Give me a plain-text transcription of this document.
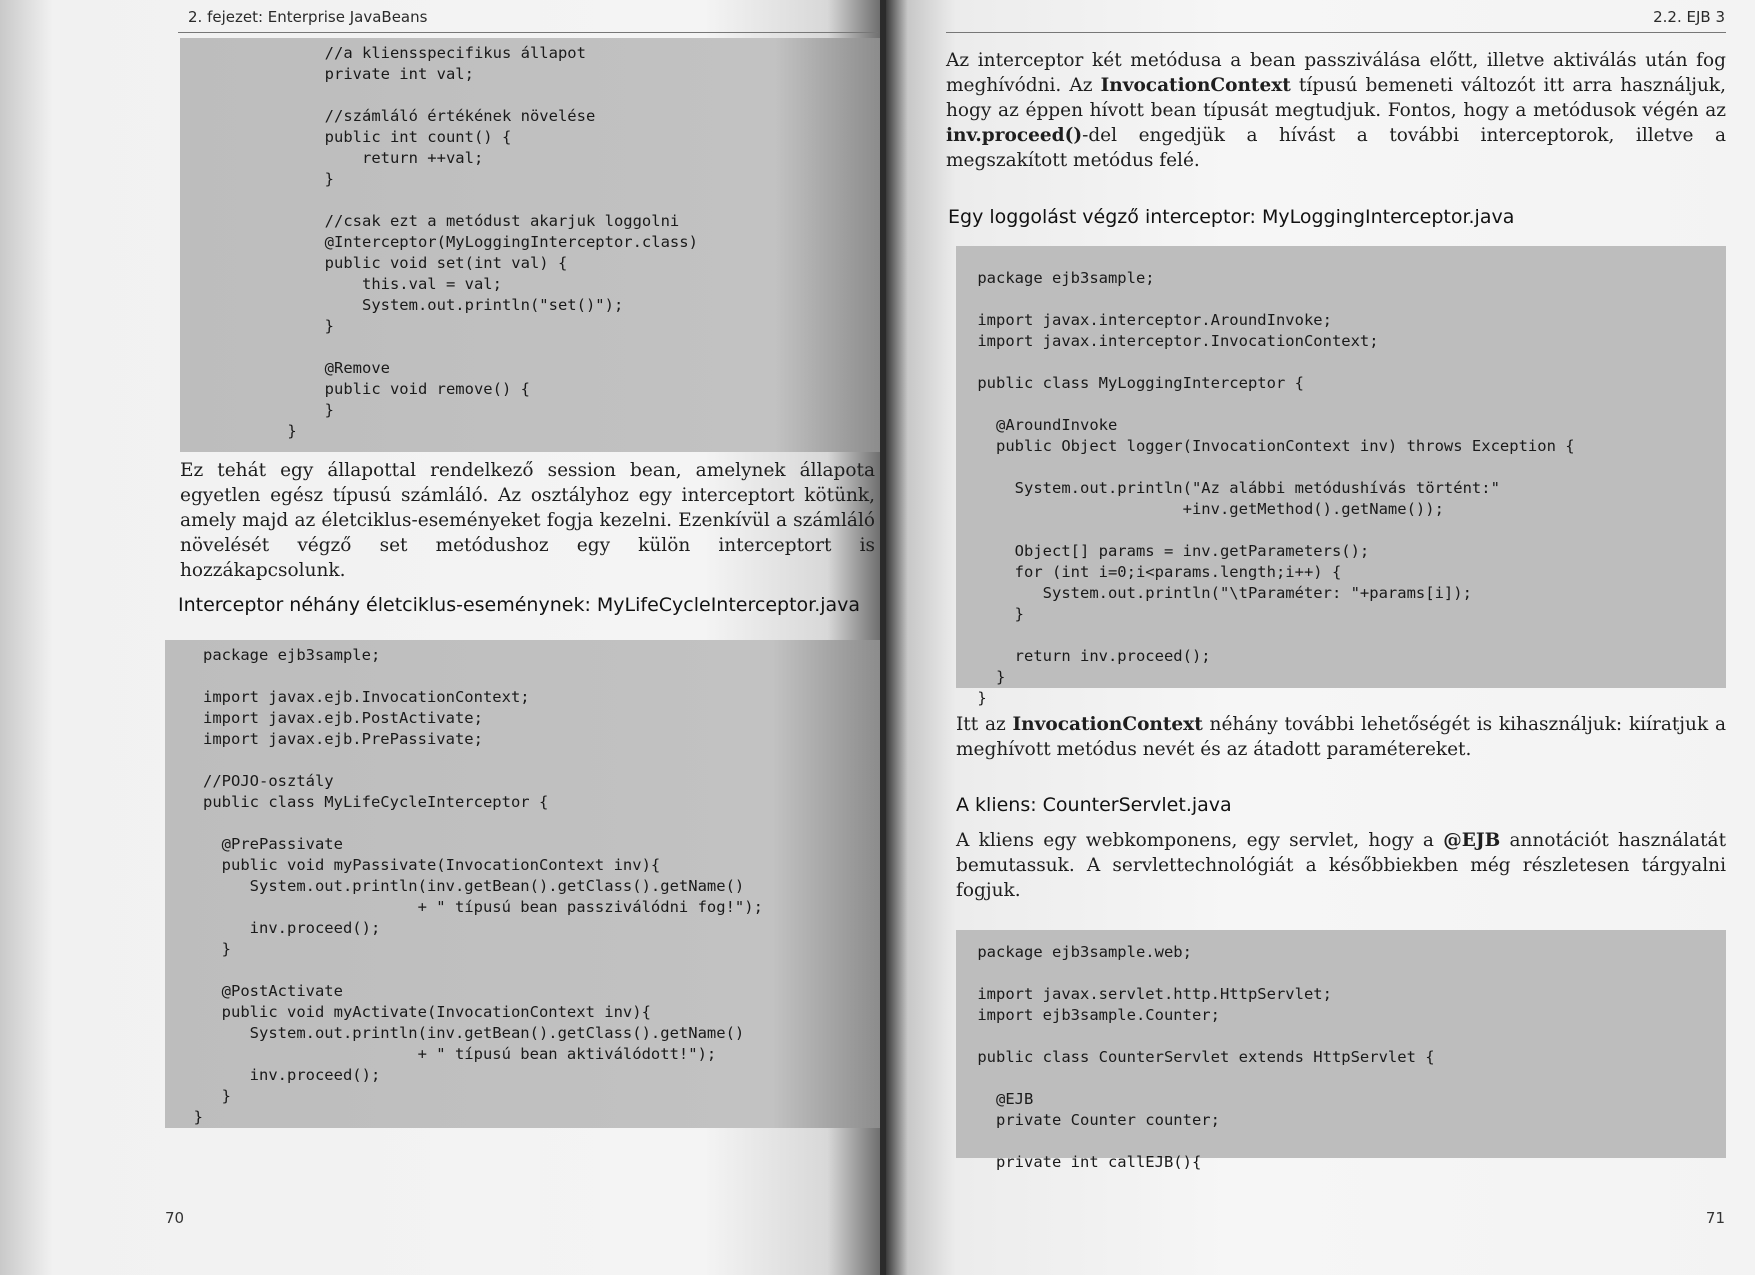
2. fejezet: Enterprise JavaBeans
//a kliensspecifikus állapot
private int val;
//számláló értékének növelése
public int count() {
return ++val;
}
//csak ezt a metódust akarjuk loggolni
@Interceptor(MyLoggingInterceptor.class)
public void set(int val) {
this.val = val;
System.out.println("set()");
}
@Remove
public void remove() {
}
}

Ez tehát egy állapottal rendelkező session bean, amelynek állapota egyetlen egész típusú számláló. Az osztályhoz egy interceptort kötünk, amely majd az életciklus-eseményeket fogja kezelni. Ezenkívül a számláló növelését végző set metódushoz egy külön interceptort is hozzákapcsolunk.

Interceptor néhány életciklus-eseménynek: MyLifeCycleInterceptor.java
package ejb3sample;
import javax.ejb.InvocationContext;
import javax.ejb.PostActivate;
import javax.ejb.PrePassivate;
//POJO-osztály
public class MyLifeCycleInterceptor {
@PrePassivate
public void myPassivate(InvocationContext inv){
System.out.println(inv.getBean().getClass().getName()
+ " típusú bean passziválódni fog!");
inv.proceed();
}
@PostActivate
public void myActivate(InvocationContext inv){
System.out.println(inv.getBean().getClass().getName()
+ " típusú bean aktiválódott!");
inv.proceed();
}
}
70
2.2. EJB 3

Az interceptor két metódusa a bean passziválása előtt, illetve aktiválás után fog meghívódni. Az InvocationContext típusú bemeneti változót itt arra használjuk, hogy az éppen hívott bean típusát megtudjuk. Fontos, hogy a metódusok végén az inv.proceed()-del engedjük a hívást a további interceptorok, illetve a megszakított metódus felé.

Egy loggolást végző interceptor: MyLoggingInterceptor.java
package ejb3sample;
import javax.interceptor.AroundInvoke;
import javax.interceptor.InvocationContext;
public class MyLoggingInterceptor {
@AroundInvoke
public Object logger(InvocationContext inv) throws Exception {
System.out.println("Az alábbi metódushívás történt:"
+inv.getMethod().getName());
Object[] params = inv.getParameters();
for (int i=0;i<params.length;i++) {
System.out.println("\tParaméter: "+params[i]);
}
return inv.proceed();
}
}

Itt az InvocationContext néhány további lehetőségét is kihasználjuk: kiíratjuk a meghívott metódus nevét és az átadott paramétereket.

A kliens: CounterServlet.java

A kliens egy webkomponens, egy servlet, hogy a @EJB annotációt használatát bemutassuk. A servlettechnológiát a későbbiekben még részletesen tárgyalni fogjuk.

package ejb3sample.web;
import javax.servlet.http.HttpServlet;
import ejb3sample.Counter;
public class CounterServlet extends HttpServlet {
@EJB
private Counter counter;
private int callEJB(){
71
